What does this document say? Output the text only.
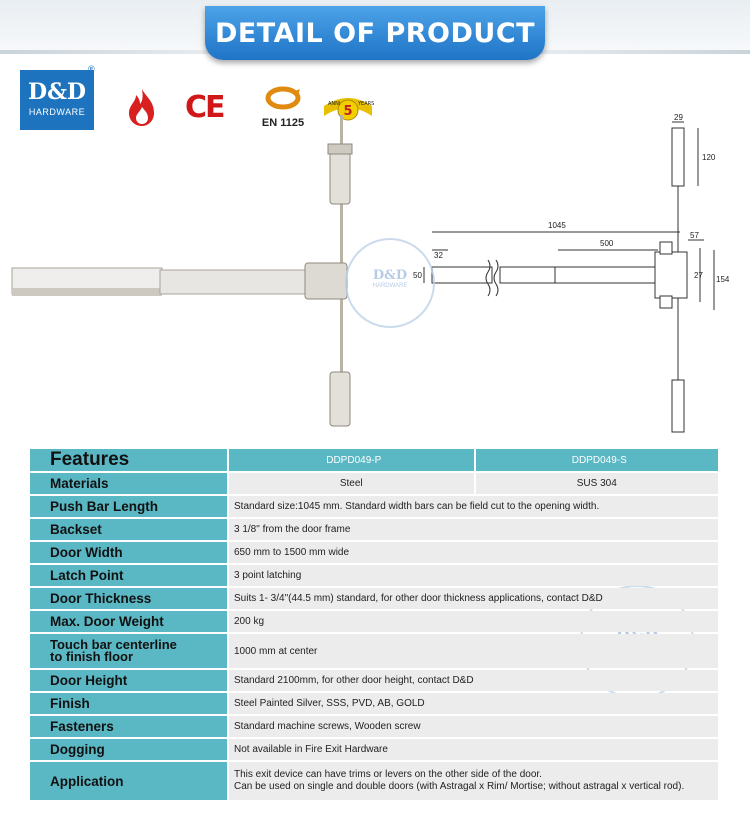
DETAIL OF PRODUCT
D&D
HARDWARE
®
CE	EN 1125
5
ANNI	YEARS
29
120
1045
57
32
500
50	27 154
D&D
HARDWARE
Features	DDPD049-P	DDPD049-S
Materials	Steel	SUS 304
Push Bar Length	Standard size:1045 mm. Standard width bars can be field cut to the opening width.	
Backset	3 1/8" from the door frame	
Door Width	650 mm to 1500 mm wide	
Latch Point	3 point latching	
Door Thickness	Suits 1- 3/4"(44.5 mm) standard, for other door thickness applications, contact D&D	
Max. Door Weight	200 kg	

Touch bar centerline
to finish floor	1000 mm at center	
Door Height	Standard 2100mm, for other door height, contact D&D	
Finish	Steel Painted Silver, SSS, PVD, AB, GOLD	
Fasteners	Standard machine screws, Wooden screw	
Dogging	Not available in Fire Exit Hardware	
Application	This exit device can have trims or levers on the other side of the door.
Can be used on single and double doors (with Astragal x Rim/ Mortise; without astragal x vertical rod).	
